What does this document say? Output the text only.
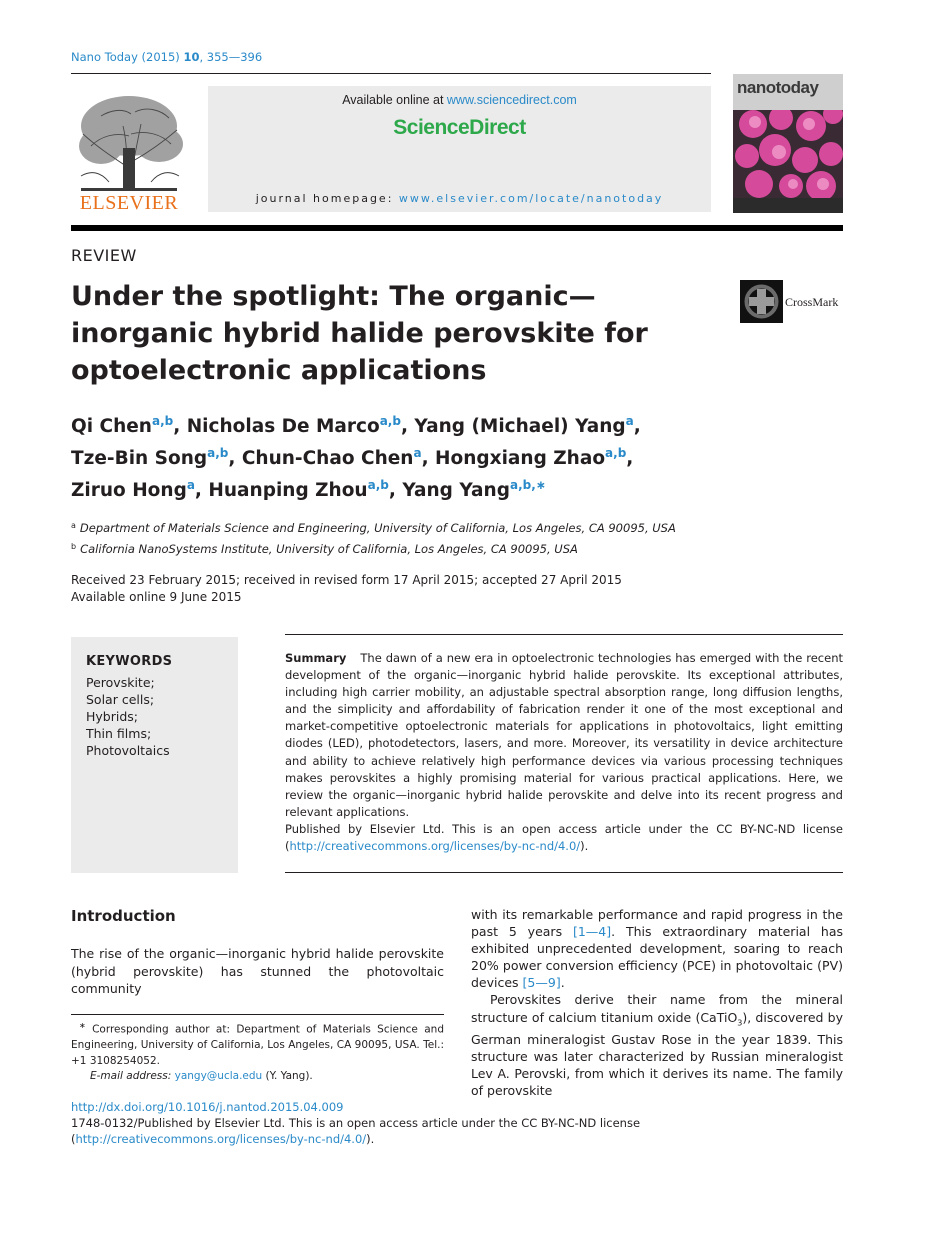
Nano Today (2015) 10, 355—396
ELSEVIER
Available online at www.sciencedirect.com
ScienceDirect
journal homepage: www.elsevier.com/locate/nanotoday
nanotoday
REVIEW
Under the spotlight: The organic—inorganic hybrid halide perovskite for optoelectronic applications
CrossMark
Qi Chen$^{a,b}$, Nicholas De Marco$^{a,b}$, Yang (Michael) Yang$^a$,
Tze-Bin Song$^{a,b}$, Chun-Chao Chen$^a$, Hongxiang Zhao$^{a,b}$,
Ziruo Hong$^a$, Huanping Zhou$^{a,b}$, Yang Yang$^{a,b,∗}$
$^a$ Department of Materials Science and Engineering, University of California, Los Angeles, CA 90095, USA
$^b$ California NanoSystems Institute, University of California, Los Angeles, CA 90095, USA
Received 23 February 2015; received in revised form 17 April 2015; accepted 27 April 2015
Available online 9 June 2015
KEYWORDS
Perovskite;
Solar cells;
Hybrids;
Thin films;
Photovoltaics
Summary The dawn of a new era in optoelectronic technologies has emerged with the recent development of the organic—inorganic hybrid halide perovskite. Its exceptional attributes, including high carrier mobility, an adjustable spectral absorption range, long diffusion lengths, and the simplicity and affordability of fabrication render it one of the most exceptional and market-competitive optoelectronic materials for applications in photovoltaics, light emitting diodes (LED), photodetectors, lasers, and more. Moreover, its versatility in device architecture and ability to achieve relatively high performance devices via various processing techniques makes perovskites a highly promising material for various practical applications. Here, we review the organic—inorganic hybrid halide perovskite and delve into its recent progress and relevant applications.
Published by Elsevier Ltd. This is an open access article under the CC BY-NC-ND license (http://creativecommons.org/licenses/by-nc-nd/4.0/).
Introduction
The rise of the organic—inorganic hybrid halide perovskite (hybrid perovskite) has stunned the photovoltaic community
∗ Corresponding author at: Department of Materials Science and Engineering, University of California, Los Angeles, CA 90095, USA. Tel.: +1 3108254052.
E-mail address: yangy@ucla.edu (Y. Yang).

with its remarkable performance and rapid progress in the past 5 years [1—4]. This extraordinary material has exhibited unprecedented development, soaring to reach 20% power conversion efficiency (PCE) in photovoltaic (PV) devices [5—9].

Perovskites derive their name from the mineral structure of calcium titanium oxide (CaTiO$_3$), discovered by German mineralogist Gustav Rose in the year 1839. This structure was later characterized by Russian mineralogist Lev A. Perovski, from which it derives its name. The family of perovskite

http://dx.doi.org/10.1016/j.nantod.2015.04.009
1748-0132/Published by Elsevier Ltd. This is an open access article under the CC BY-NC-ND license (http://creativecommons.org/licenses/by-nc-nd/4.0/).
